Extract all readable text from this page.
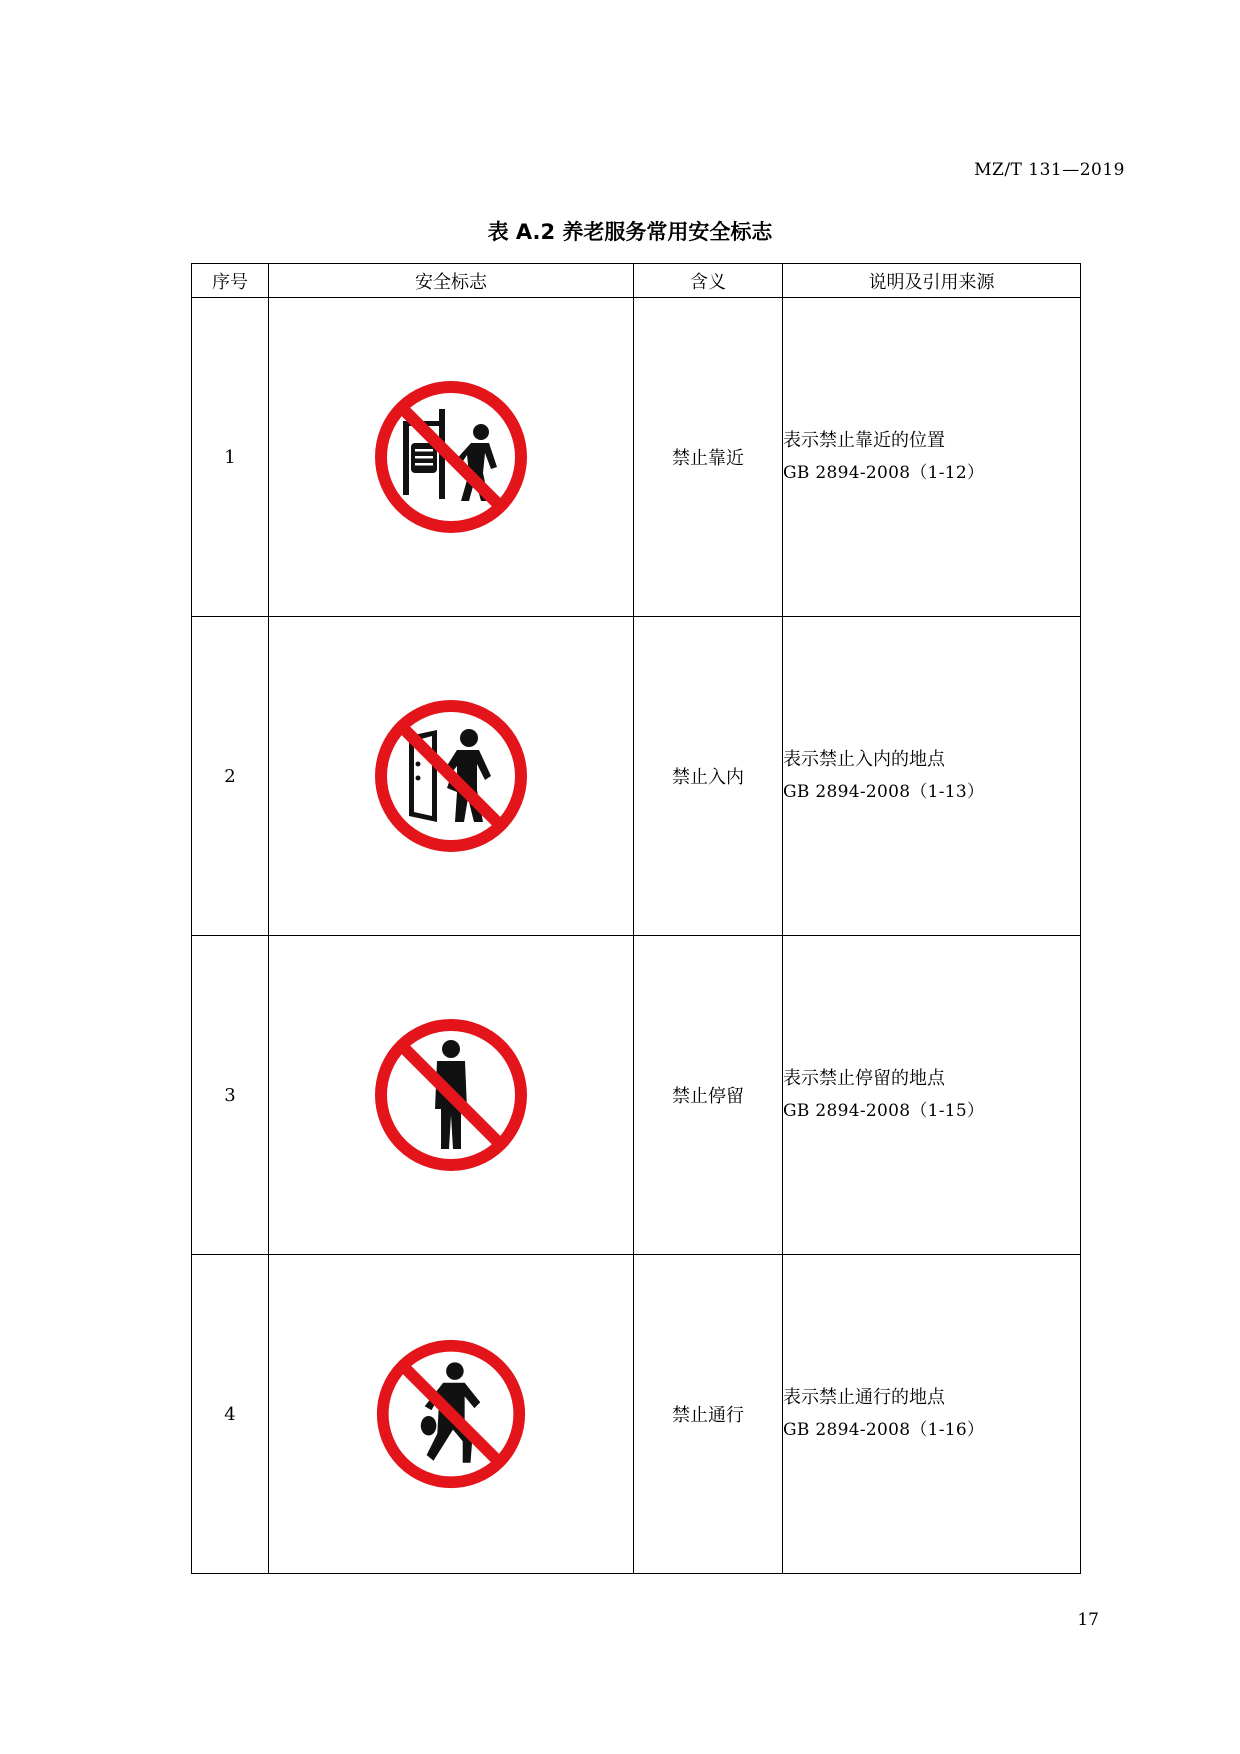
MZ/T 131—2019
表 A.2 养老服务常用安全标志
序号	安全标志	含义	说明及引用来源
1		禁止靠近	表示禁止靠近的位置
GB 2894-2008（1-12）

2		禁止入内	表示禁止入内的地点
GB 2894-2008（1-13）

3		禁止停留	表示禁止停留的地点
GB 2894-2008（1-15）

4		禁止通行	表示禁止通行的地点
GB 2894-2008（1-16）
17
